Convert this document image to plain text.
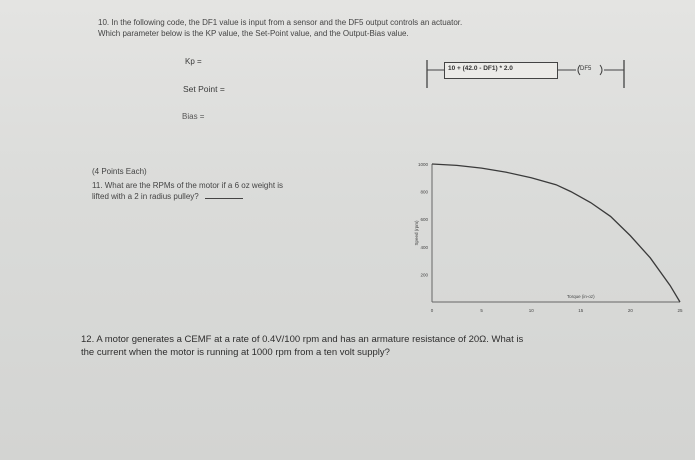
10. In the following code, the DF1 value is input from a sensor and the DF5 output controls an actuator.
Which parameter below is the KP value, the Set-Point value, and the Output-Bias value.
Kp =
Set Point =
Bias =
10 + (42.0 - DF1) * 2.0	DF5
(4 Points Each)
11. What are the RPMs of the motor if a 6 oz weight is
lifted with a 2 in radius pulley?
1000
800
600
400
200
0	5	10	15	20	25
Speed (rpm)
Torque (in-oz)
12. A motor generates a CEMF at a rate of 0.4V/100 rpm and has an armature resistance of 20Ω. What is
the current when the motor is running at 1000 rpm from a ten volt supply?
